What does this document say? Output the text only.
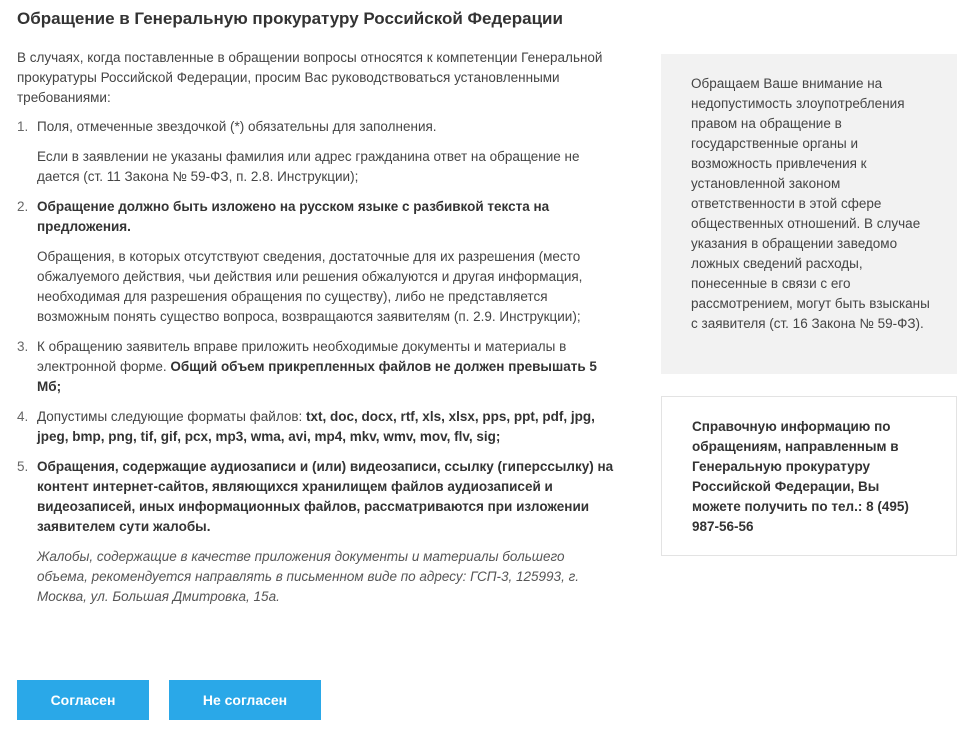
Обращение в Генеральную прокуратуру Российской Федерации

В случаях, когда поставленные в обращении вопросы относятся к компетенции Генеральной прокуратуры Российской Федерации, просим Вас руководствоваться установленными требованиями:

1. Поля, отмеченные звездочкой (*) обязательны для заполнения.

Если в заявлении не указаны фамилия или адрес гражданина ответ на обращение не дается (ст. 11 Закона № 59-ФЗ, п. 2.8. Инструкции);

2. Обращение должно быть изложено на русском языке с разбивкой текста на предложения.

Обращения, в которых отсутствуют сведения, достаточные для их разрешения (место обжалуемого действия, чьи действия или решения обжалуются и другая информация, необходимая для разрешения обращения по существу), либо не представляется возможным понять существо вопроса, возвращаются заявителям (п. 2.9. Инструкции);

3. К обращению заявитель вправе приложить необходимые документы и материалы в электронной форме. Общий объем прикрепленных файлов не должен превышать 5 Мб;

4. Допустимы следующие форматы файлов: txt, doc, docx, rtf, xls, xlsx, pps, ppt, pdf, jpg, jpeg, bmp, png, tif, gif, pcx, mp3, wma, avi, mp4, mkv, wmv, mov, flv, sig;

5. Обращения, содержащие аудиозаписи и (или) видеозаписи, ссылку (гиперссылку) на контент интернет-сайтов, являющихся хранилищем файлов аудиозаписей и видеозаписей, иных информационных файлов, рассматриваются при изложении заявителем сути жалобы.

Жалобы, содержащие в качестве приложения документы и материалы большего объема, рекомендуется направлять в письменном виде по адресу: ГСП-3, 125993, г. Москва, ул. Большая Дмитровка, 15а.

Обращаем Ваше внимание на недопустимость злоупотребления правом на обращение в государственные органы и возможность привлечения к установленной законом ответственности в этой сфере общественных отношений. В случае указания в обращении заведомо ложных сведений расходы, понесенные в связи с его рассмотрением, могут быть взысканы с заявителя (ст. 16 Закона № 59-ФЗ).
Справочную информацию по обращениям, направленным в Генеральную прокуратуру Российской Федерации, Вы можете получить по тел.: 8 (495) 987-56-56
Согласен	Не согласен
